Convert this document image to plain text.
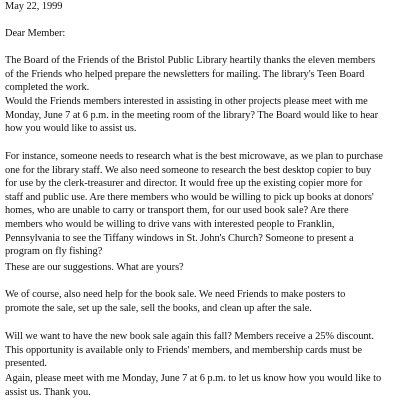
May 22, 1999

Dear Member:

The Board of the Friends of the Bristol Public Library heartily thanks the eleven members
of the Friends who helped prepare the newsletters for mailing. The library's Teen Board
completed the work.

Would the Friends members interested in assisting in other projects please meet with me
Monday, June 7 at 6 p.m. in the meeting room of the library? The Board would like to hear
how you would like to assist us.

For instance, someone needs to research what is the best microwave, as we plan to purchase
one for the library staff. We also need someone to research the best desktop copier to buy
for use by the clerk-treasurer and director. It would free up the existing copier more for
staff and public use. Are there members who would be willing to pick up books at donors'
homes, who are unable to carry or transport them, for our used book sale? Are there
members who would be willing to drive vans with interested people to Franklin,
Pennsylvania to see the Tiffany windows in St. John's Church? Someone to present a
program on fly fishing?

These are our suggestions. What are yours?

We of course, also need help for the book sale. We need Friends to make posters to
promote the sale, set up the sale, sell the books, and clean up after the sale.

Will we want to have the new book sale again this fall? Members receive a 25% discount.
This opportunity is available only to Friends' members, and membership cards must be
presented.

Again, please meet with me Monday, June 7 at 6 p.m. to let us know how you would like to
assist us. Thank you.
